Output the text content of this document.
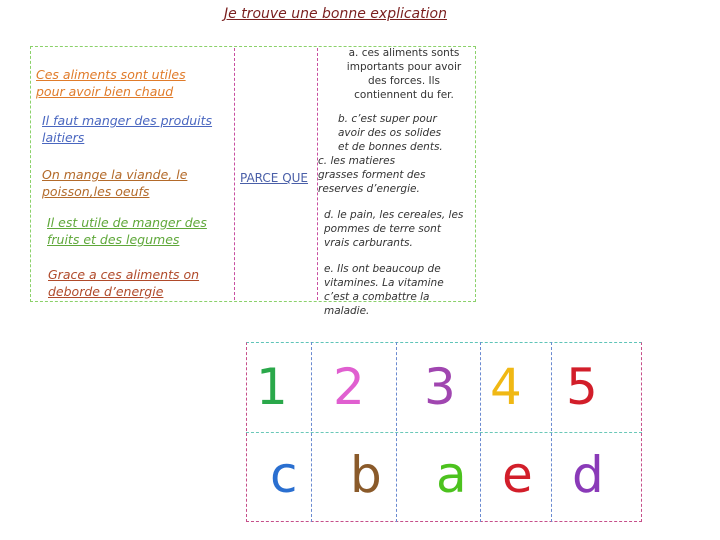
Je trouve une bonne explication
Ces aliments sont utiles pour avoir bien chaud
Il faut manger des produits laitiers
On mange la viande, le poisson,les oeufs
Il est utile de manger des fruits et des legumes
Grace a ces aliments on deborde d’energie
PARCE QUE
a. ces aliments sonts importants pour avoir des forces. Ils contiennent du fer.
b. c’est super pour avoir des os solides et de bonnes dents.
c. les matieres grasses forment des reserves d’energie.
d. le pain, les cereales, les pommes de terre sont vrais carburants.
e. Ils ont beaucoup de vitamines. La vitamine c’est a combattre la maladie.
1 2 3 4 5
c b a e d
